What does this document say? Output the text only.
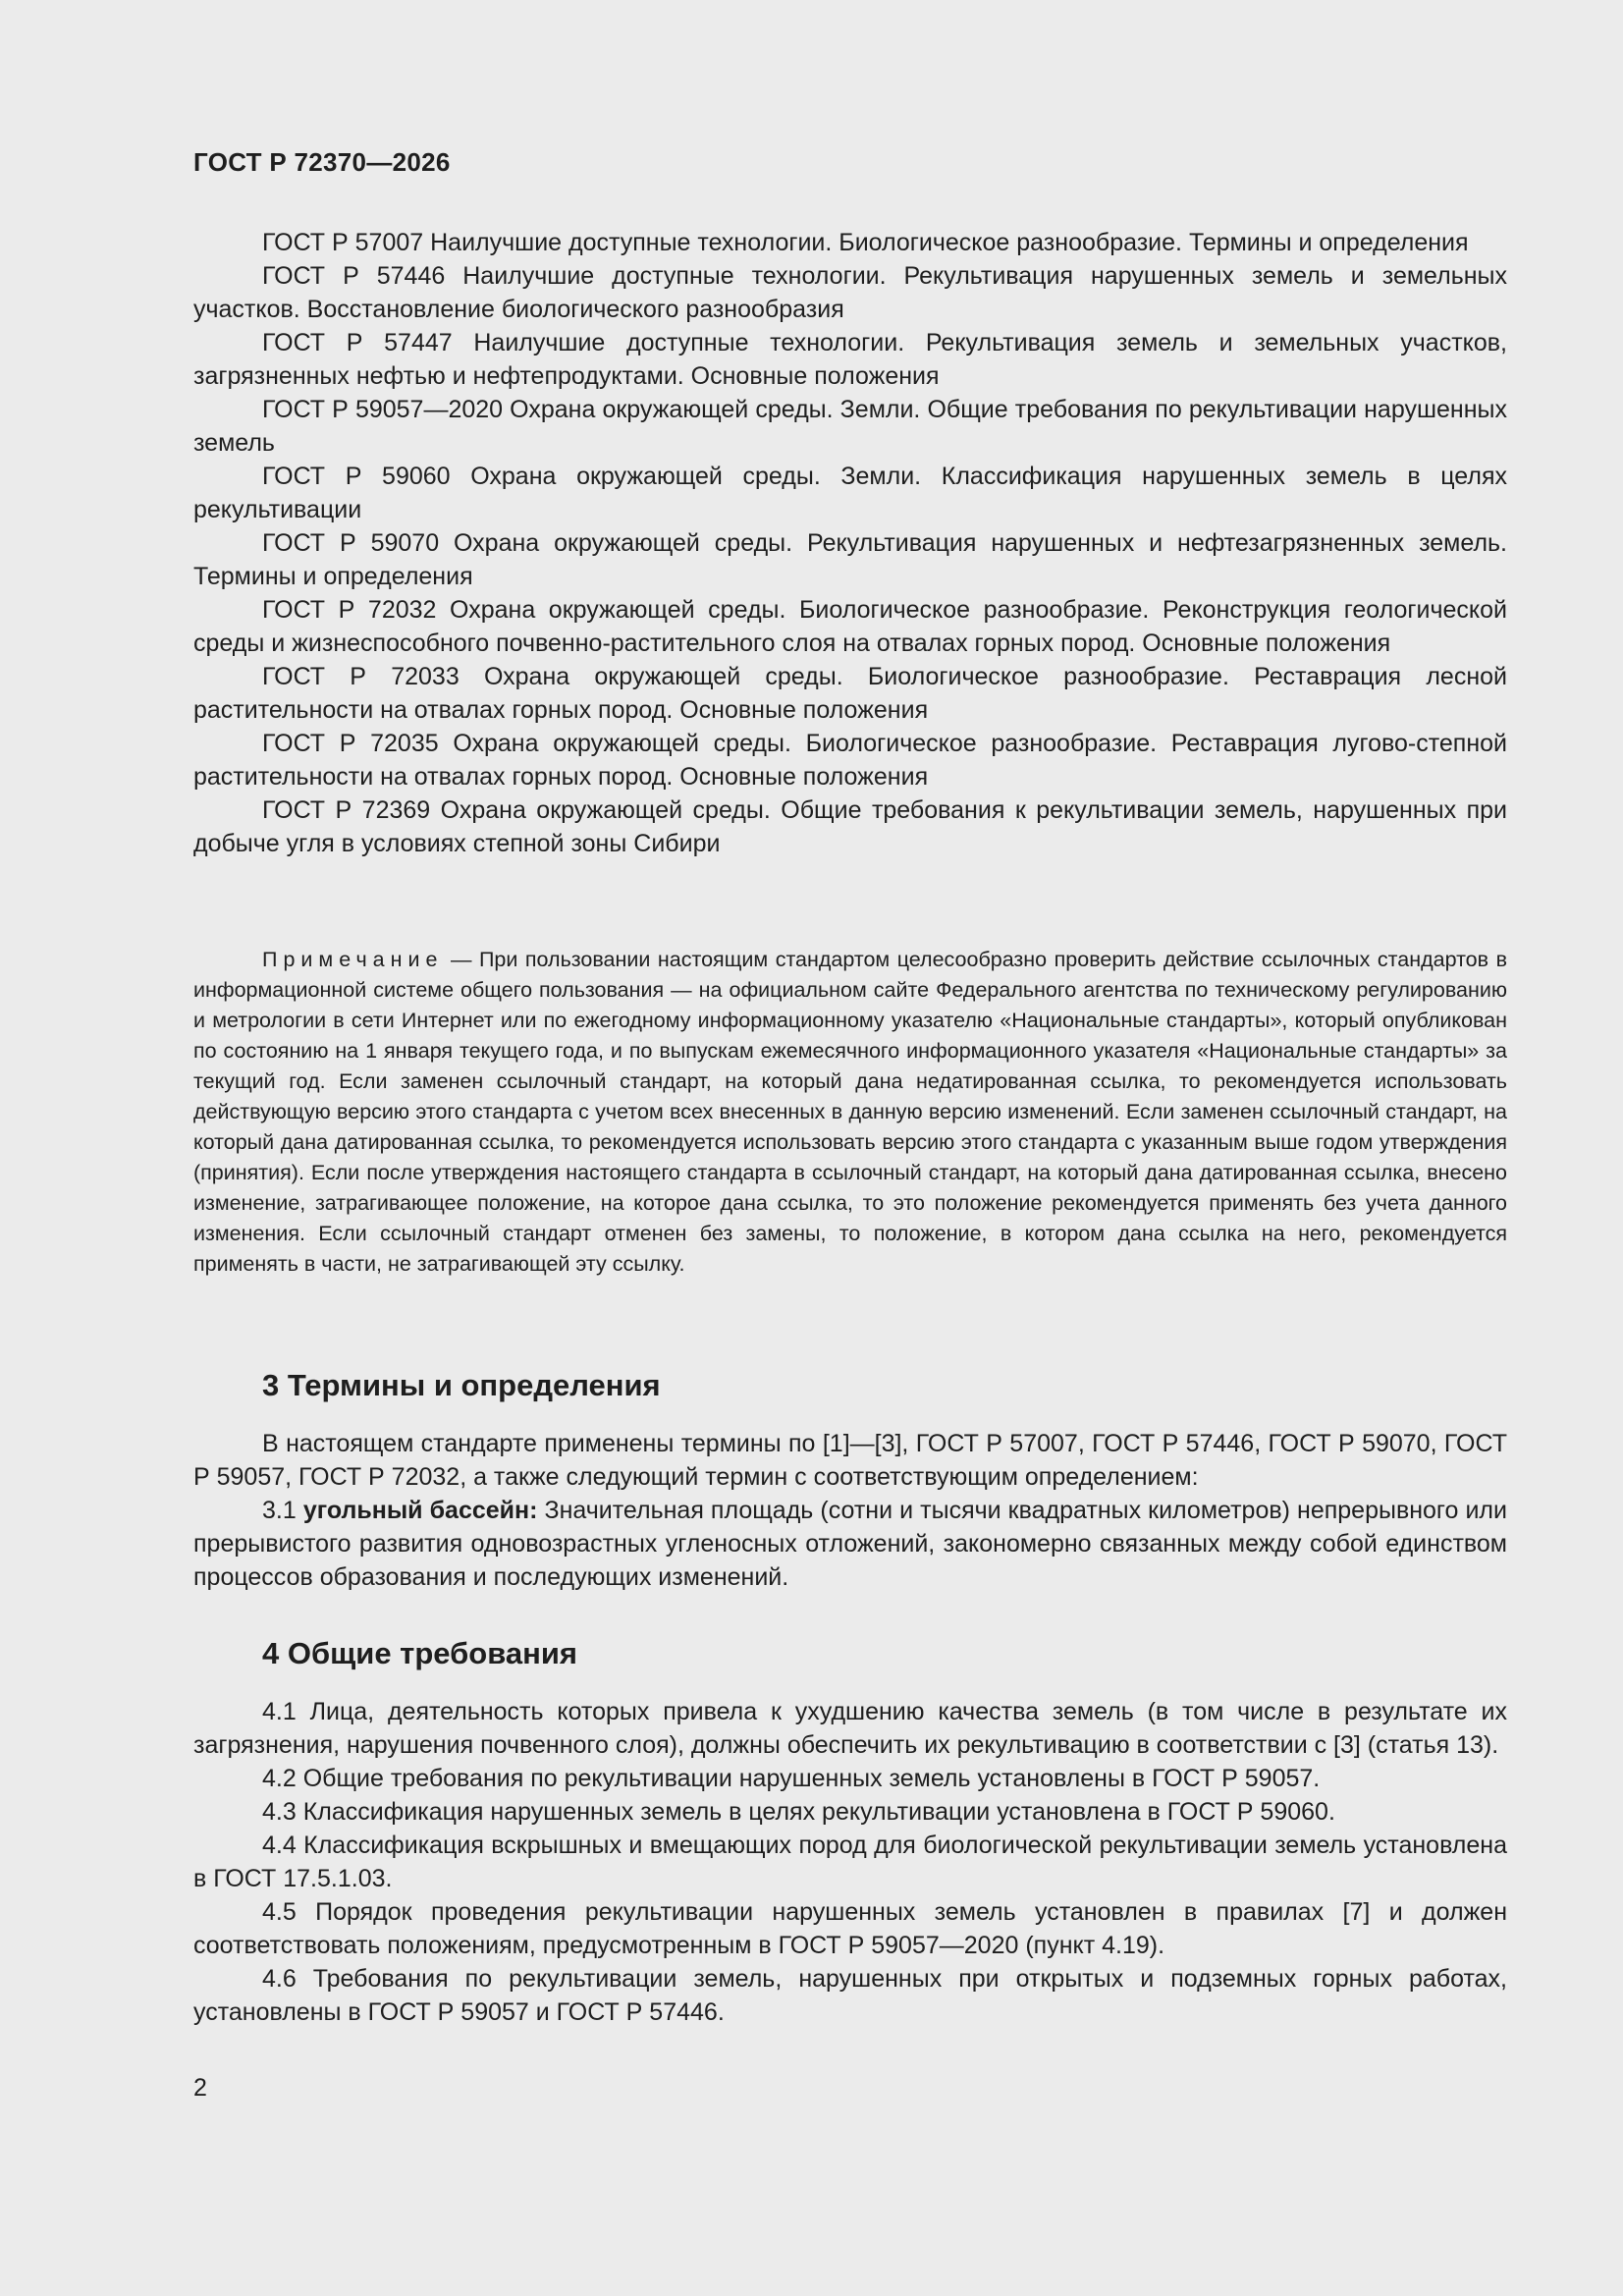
ГОСТ Р 72370—2026

ГОСТ Р 57007 Наилучшие доступные технологии. Биологическое разнообразие. Термины и определения

ГОСТ Р 57446 Наилучшие доступные технологии. Рекультивация нарушенных земель и земельных участков. Восстановление биологического разнообразия

ГОСТ Р 57447 Наилучшие доступные технологии. Рекультивация земель и земельных участков, загрязненных нефтью и нефтепродуктами. Основные положения

ГОСТ Р 59057—2020 Охрана окружающей среды. Земли. Общие требования по рекультивации нарушенных земель

ГОСТ Р 59060 Охрана окружающей среды. Земли. Классификация нарушенных земель в целях рекультивации

ГОСТ Р 59070 Охрана окружающей среды. Рекультивация нарушенных и нефтезагрязненных земель. Термины и определения

ГОСТ Р 72032 Охрана окружающей среды. Биологическое разнообразие. Реконструкция геологической среды и жизнеспособного почвенно-растительного слоя на отвалах горных пород. Основные положения

ГОСТ Р 72033 Охрана окружающей среды. Биологическое разнообразие. Реставрация лесной растительности на отвалах горных пород. Основные положения

ГОСТ Р 72035 Охрана окружающей среды. Биологическое разнообразие. Реставрация лугово-степной растительности на отвалах горных пород. Основные положения

ГОСТ Р 72369 Охрана окружающей среды. Общие требования к рекультивации земель, нарушенных при добыче угля в условиях степной зоны Сибири

Примечание — При пользовании настоящим стандартом целесообразно проверить действие ссылочных стандартов в информационной системе общего пользования — на официальном сайте Федерального агентства по техническому регулированию и метрологии в сети Интернет или по ежегодному информационному указателю «Национальные стандарты», который опубликован по состоянию на 1 января текущего года, и по выпускам ежемесячного информационного указателя «Национальные стандарты» за текущий год. Если заменен ссылочный стандарт, на который дана недатированная ссылка, то рекомендуется использовать действующую версию этого стандарта с учетом всех внесенных в данную версию изменений. Если заменен ссылочный стандарт, на который дана датированная ссылка, то рекомендуется использовать версию этого стандарта с указанным выше годом утверждения (принятия). Если после утверждения настоящего стандарта в ссылочный стандарт, на который дана датированная ссылка, внесено изменение, затрагивающее положение, на которое дана ссылка, то это положение рекомендуется применять без учета данного изменения. Если ссылочный стандарт отменен без замены, то положение, в котором дана ссылка на него, рекомендуется применять в части, не затрагивающей эту ссылку.

3 Термины и определения

В настоящем стандарте применены термины по [1]—[3], ГОСТ Р 57007, ГОСТ Р 57446, ГОСТ Р 59070, ГОСТ Р 59057, ГОСТ Р 72032, а также следующий термин с соответствующим определением:

3.1 угольный бассейн: Значительная площадь (сотни и тысячи квадратных километров) непрерывного или прерывистого развития одновозрастных угленосных отложений, закономерно связанных между собой единством процессов образования и последующих изменений.

4 Общие требования

4.1 Лица, деятельность которых привела к ухудшению качества земель (в том числе в результате их загрязнения, нарушения почвенного слоя), должны обеспечить их рекультивацию в соответствии с [3] (статья 13).

4.2 Общие требования по рекультивации нарушенных земель установлены в ГОСТ Р 59057.

4.3 Классификация нарушенных земель в целях рекультивации установлена в ГОСТ Р 59060.

4.4 Классификация вскрышных и вмещающих пород для биологической рекультивации земель установлена в ГОСТ 17.5.1.03.

4.5 Порядок проведения рекультивации нарушенных земель установлен в правилах [7] и должен соответствовать положениям, предусмотренным в ГОСТ Р 59057—2020 (пункт 4.19).

4.6 Требования по рекультивации земель, нарушенных при открытых и подземных горных работах, установлены в ГОСТ Р 59057 и ГОСТ Р 57446.

2
